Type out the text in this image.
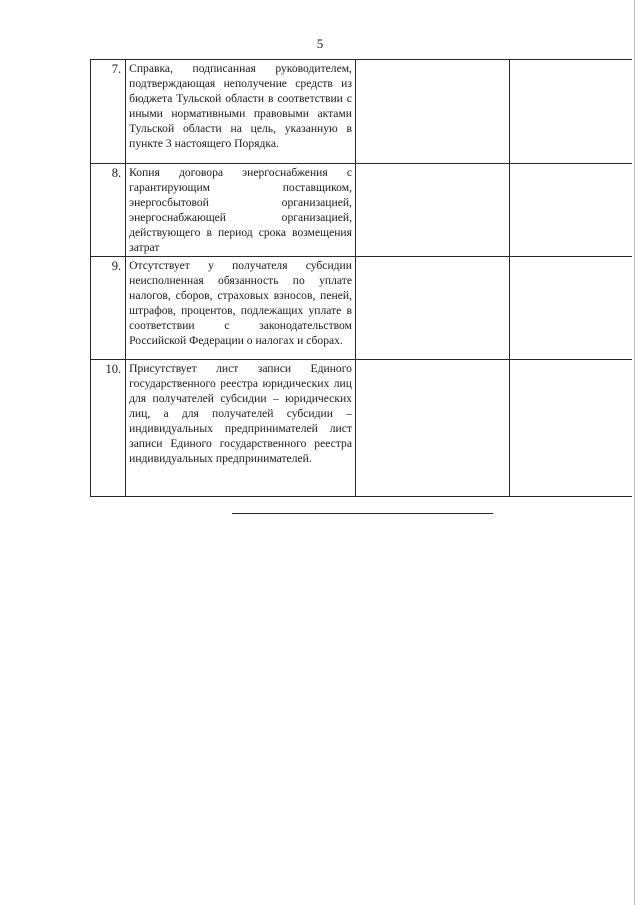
5
7.	Справка, подписанная руководителем, подтверждающая неполучение средств из бюджета Тульской области в соответствии с иными нормативными правовыми актами Тульской области на цель, указанную в пункте 3 настоящего Порядка.		

8.	Копия договора энергоснабжения с гарантирующим поставщиком, энергосбытовой организацией, энергоснабжающей организацией, действующего в период срока возмещения затрат		

9.	Отсутствует у получателя субсидии неисполненная обязанность по уплате налогов, сборов, страховых взносов, пеней, штрафов, процентов, подлежащих уплате в соответствии с законодательством Российской Федерации о налогах и сборах.		

10.	Присутствует лист записи Единого государственного реестра юридических лиц для получателей субсидии – юридических лиц, а для получателей субсидии – индивидуальных предпринимателей лист записи Единого государственного реестра индивидуальных предпринимателей.		
